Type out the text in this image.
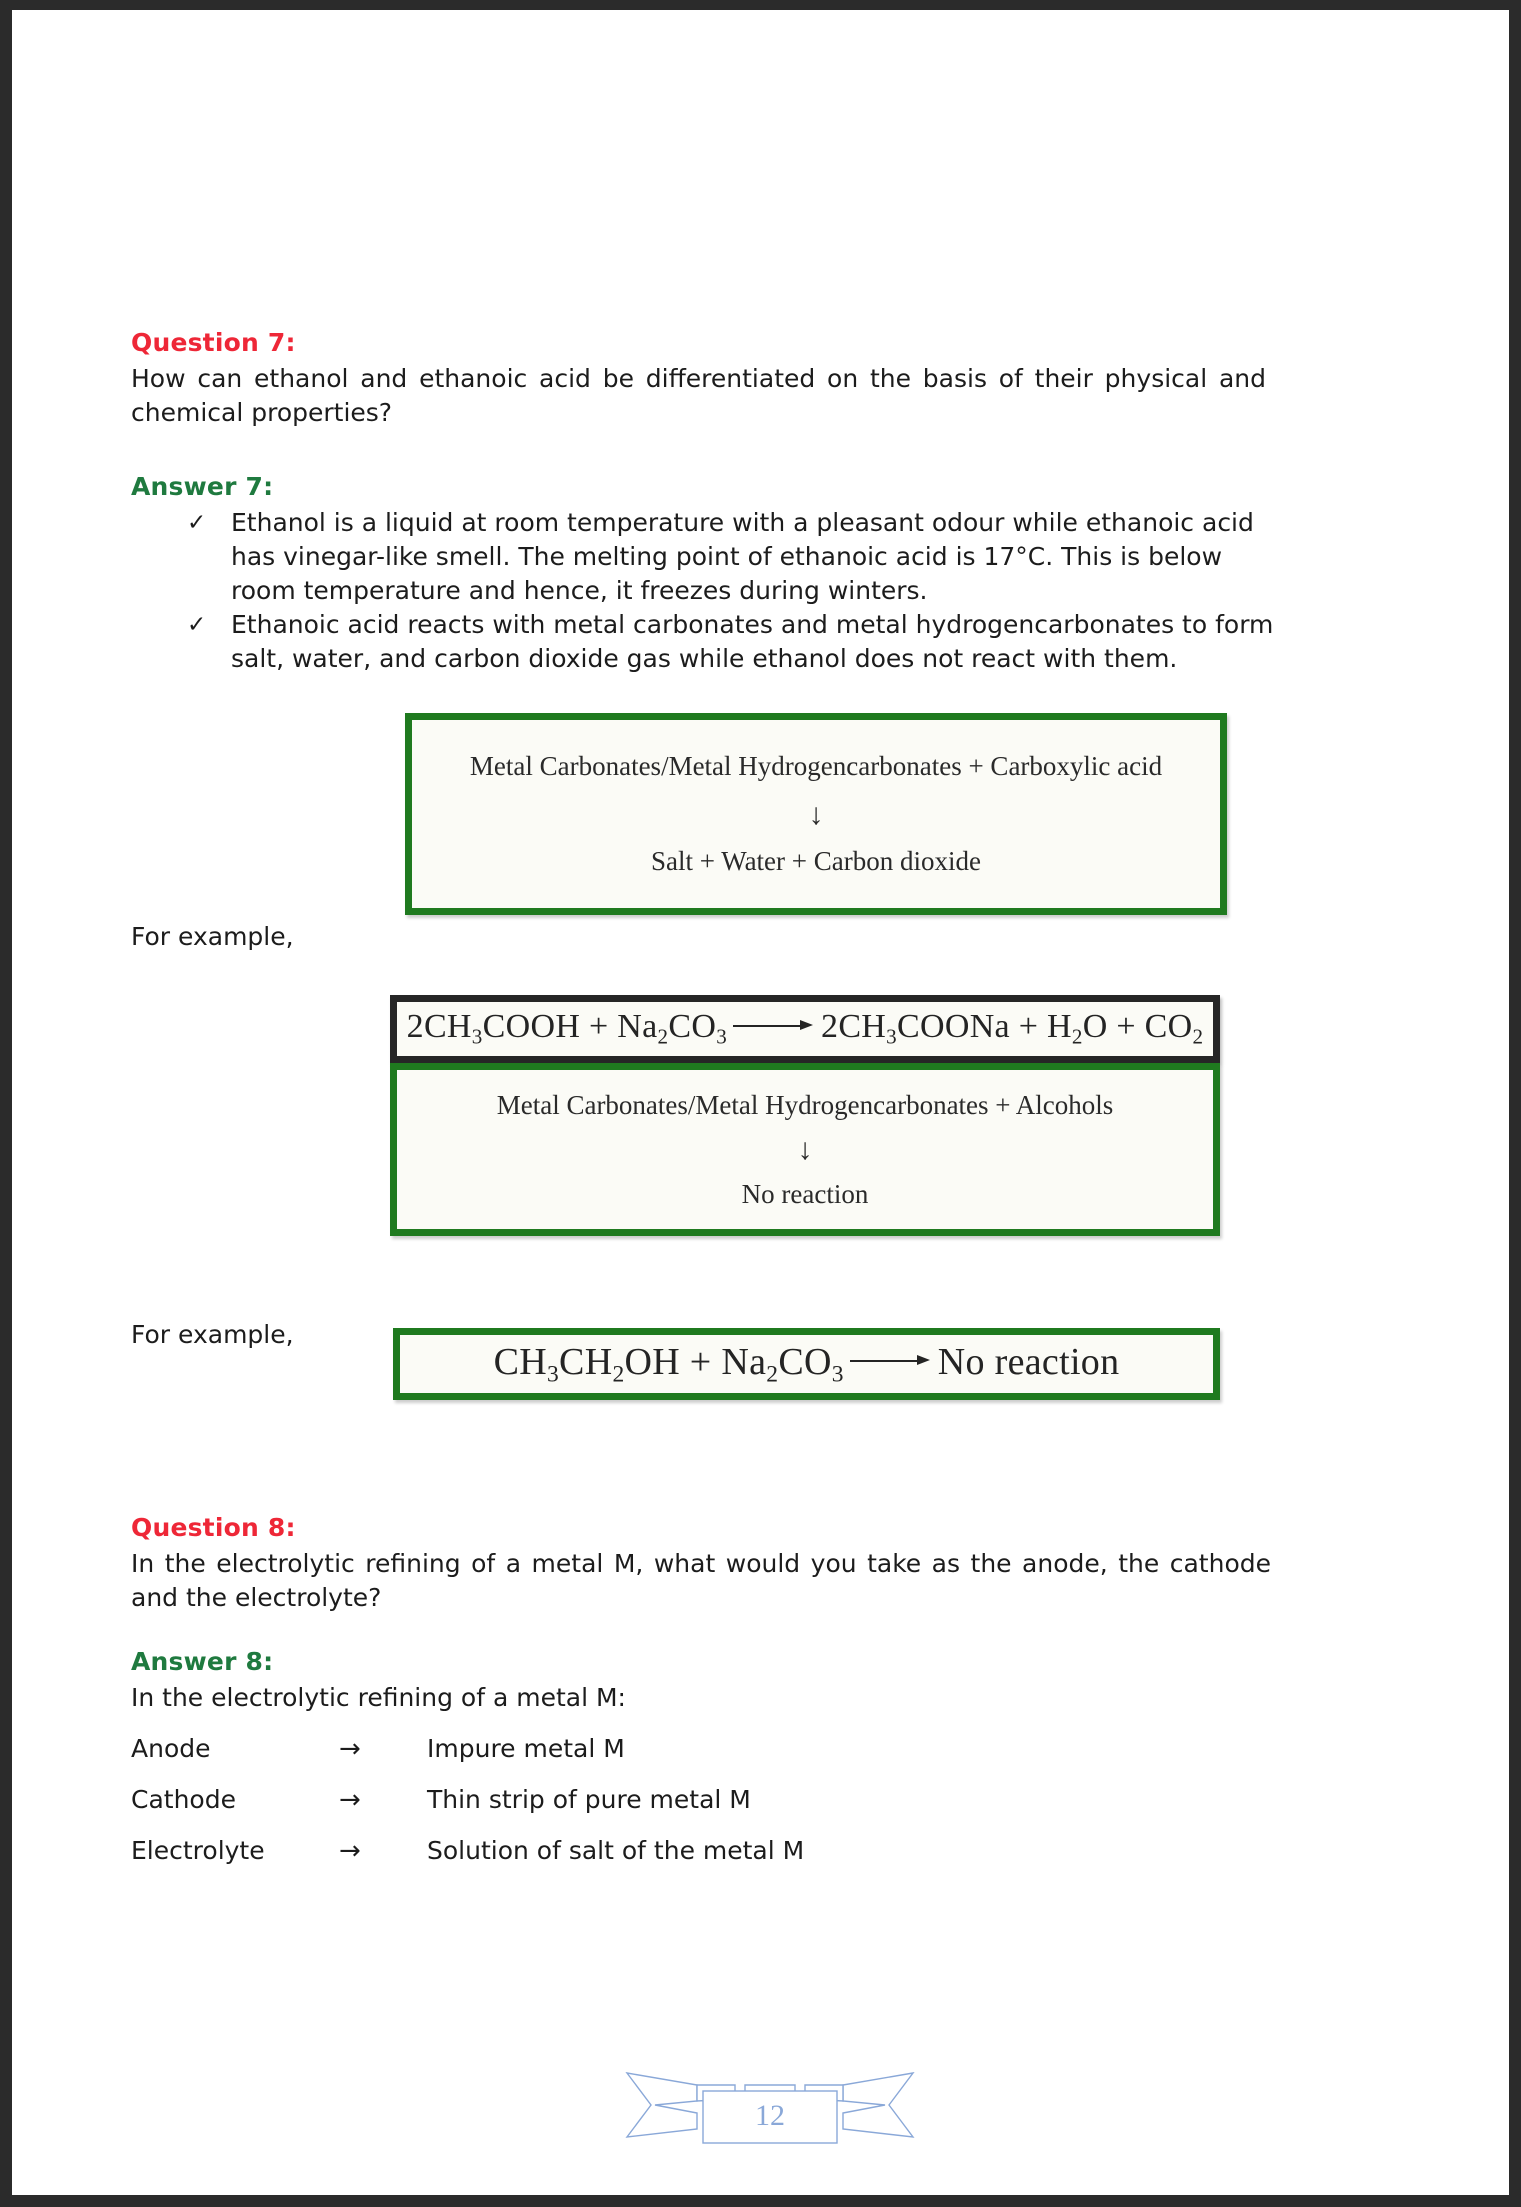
Question 7:
How can ethanol and ethanoic acid be differentiated on the basis of their physical and chemical properties?
Answer 7:
✓ Ethanol is a liquid at room temperature with a pleasant odour while ethanoic acid
has vinegar-like smell. The melting point of ethanoic acid is 17°C. This is below
room temperature and hence, it freezes during winters.
✓ Ethanoic acid reacts with metal carbonates and metal hydrogencarbonates to form
salt, water, and carbon dioxide gas while ethanol does not react with them.
Metal Carbonates/Metal Hydrogencarbonates + Carboxylic acid
↓
Salt + Water + Carbon dioxide
For example,
$2CH_3COOH + Na_2CO_3$	$2CH_3COONa + H_2O + CO_2$
Metal Carbonates/Metal Hydrogencarbonates + Alcohols
↓
No reaction
For example,
$CH_3CH_2OH + Na_2CO_3$ No reaction
Question 8:
In the electrolytic refining of a metal M, what would you take as the anode, the cathode and the electrolyte?
Answer 8:
In the electrolytic refining of a metal M:
Anode	→	Impure metal M
Cathode	→	Thin strip of pure metal M
Electrolyte	→	Solution of salt of the metal M
12
